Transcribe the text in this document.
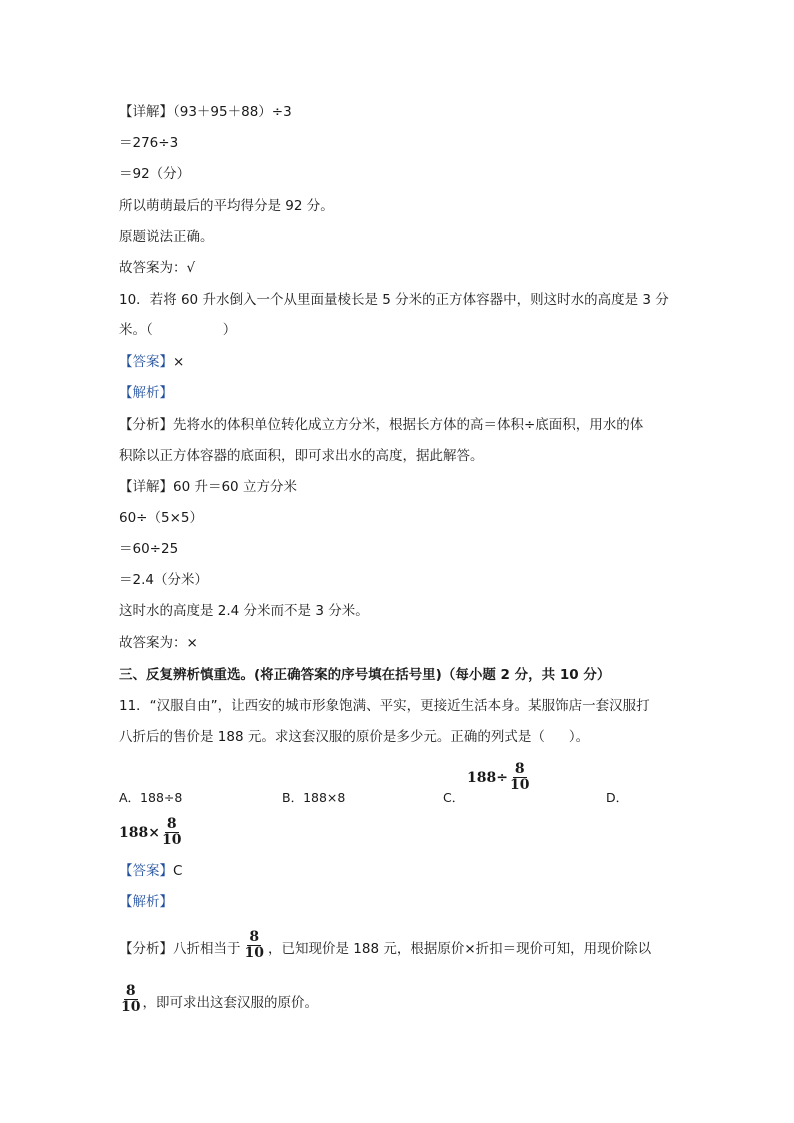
【详解】（93＋95＋88）÷3
＝276÷3
＝92（分）
所以萌萌最后的平均得分是 92 分。
原题说法正确。
故答案为：√
10．若将 60 升水倒入一个从里面量棱长是 5 分米的正方体容器中，则这时水的高度是 3 分
米。（	）
【答案】×
【解析】
【分析】先将水的体积单位转化成立方分米，根据长方体的高＝体积÷底面积，用水的体
积除以正方体容器的底面积，即可求出水的高度，据此解答。
【详解】60 升＝60 立方分米
60÷（5×5）
＝60÷25
＝2.4（分米）
这时水的高度是 2.4 分米而不是 3 分米。
故答案为：×
三、反复辨析慎重选。(将正确答案的序号填在括号里)（每小题 2 分，共 10 分）
11．“汉服自由”，让西安的城市形象饱满、平实，更接近生活本身。某服饰店一套汉服打
八折后的售价是 188 元。求这套汉服的原价是多少元。正确的列式是（ ）。
A．188÷8	B．188×8	C．
$188\div \frac{8}{10}$
D．
$188\times \frac{8}{10}$
【答案】C
【解析】
【分析】 八折相当于 $\frac{8}{10}$ ，已知现价是 188 元，根据原价×折扣＝现价可知，用现价除以
$\frac{8}{10}$ ，即可求出这套汉服的原价。
